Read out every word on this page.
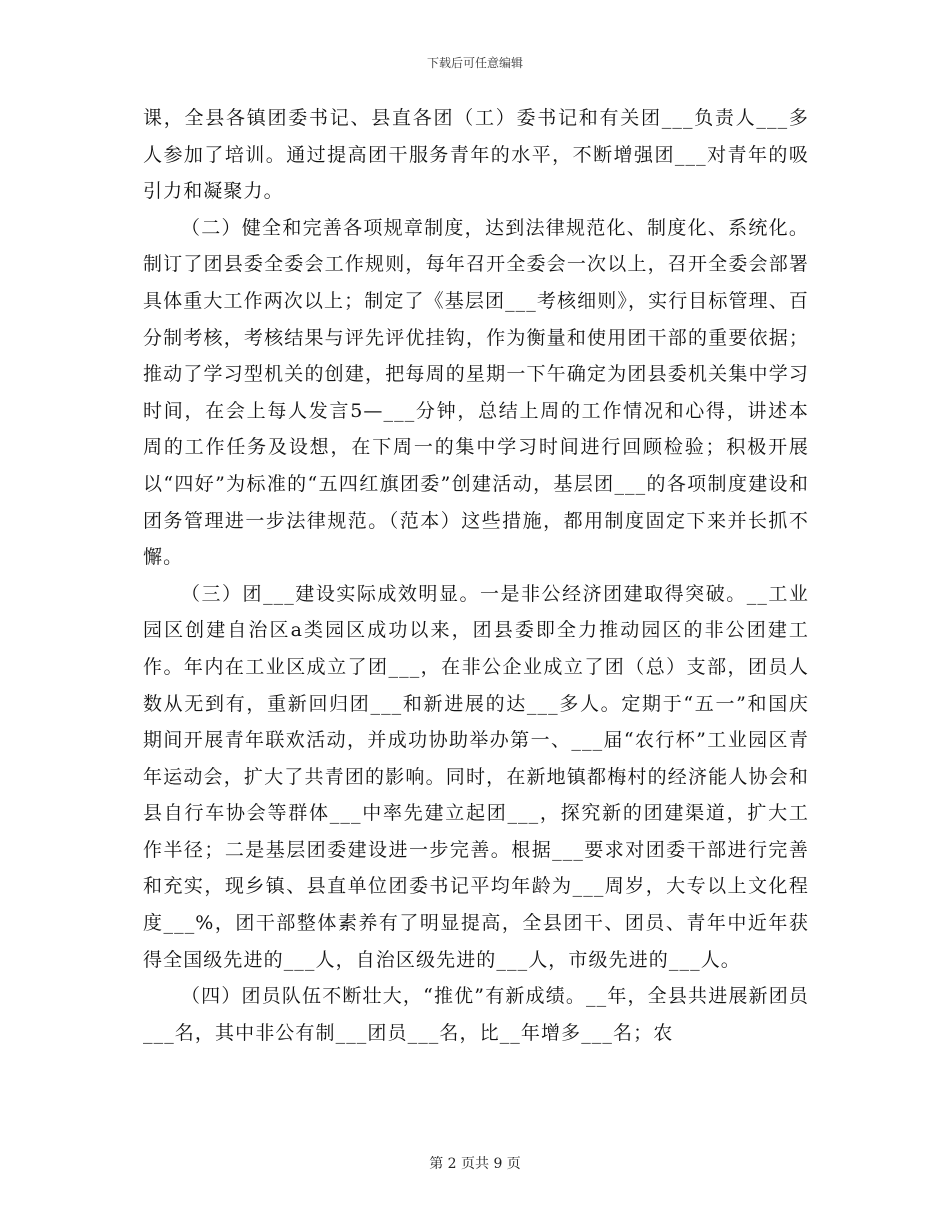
下载后可任意编辑

课，全县各镇团委书记、县直各团（工）委书记和有关团___负责人___多人参加了培训。通过提高团干服务青年的水平，不断增强团___对青年的吸引力和凝聚力。

（二）健全和完善各项规章制度，达到法律规范化、制度化、系统化。制订了团县委全委会工作规则，每年召开全委会一次以上，召开全委会部署具体重大工作两次以上；制定了《基层团___考核细则》，实行目标管理、百分制考核，考核结果与评先评优挂钩，作为衡量和使用团干部的重要依据；推动了学习型机关的创建，把每周的星期一下午确定为团县委机关集中学习时间，在会上每人发言5—___分钟，总结上周的工作情况和心得，讲述本周的工作任务及设想，在下周一的集中学习时间进行回顾检验；积极开展以“四好”为标准的“五四红旗团委”创建活动，基层团___的各项制度建设和团务管理进一步法律规范。（范本）这些措施，都用制度固定下来并长抓不懈。

（三）团___建设实际成效明显。一是非公经济团建取得突破。__工业园区创建自治区a类园区成功以来，团县委即全力推动园区的非公团建工作。年内在工业区成立了团___，在非公企业成立了团（总）支部，团员人数从无到有，重新回归团___和新进展的达___多人。定期于“五一”和国庆期间开展青年联欢活动，并成功协助举办第一、___届“农行杯”工业园区青年运动会，扩大了共青团的影响。同时，在新地镇都梅村的经济能人协会和县自行车协会等群体___中率先建立起团___，探究新的团建渠道，扩大工作半径；二是基层团委建设进一步完善。根据___要求对团委干部进行完善和充实，现乡镇、县直单位团委书记平均年龄为___周岁，大专以上文化程度___%，团干部整体素养有了明显提高，全县团干、团员、青年中近年获得全国级先进的___人，自治区级先进的___人，市级先进的___人。

（四）团员队伍不断壮大，“推优”有新成绩。__年，全县共进展新团员___名，其中非公有制___团员___名，比__年增多___名；农

第 2 页共 9 页
